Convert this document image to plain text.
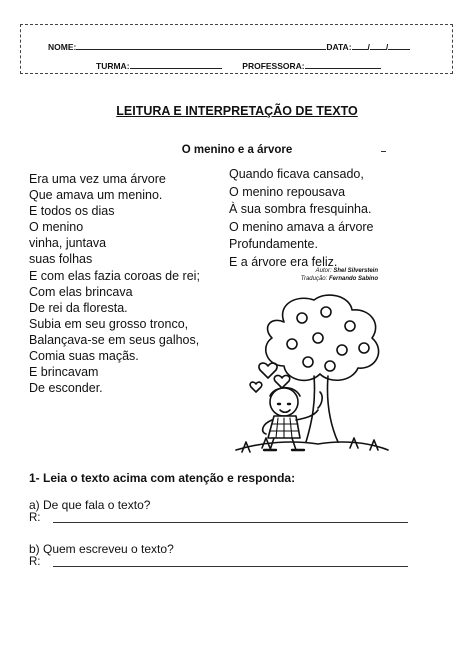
NOME:	DATA: / /
TURMA:	PROFESSORA:
LEITURA E INTERPRETAÇÃO DE TEXTO
O menino e a árvore
Era uma vez uma árvore
Que amava um menino.
E todos os dias
O menino
vinha, juntava
suas folhas
E com elas fazia coroas de rei;
Com elas brincava
De rei da floresta.
Subia em seu grosso tronco,
Balançava-se em seus galhos,
Comia suas maçãs.
E brincavam
De esconder.
Quando ficava cansado,
O menino repousava
À sua sombra fresquinha.
O menino amava a árvore
Profundamente.
E a árvore era feliz.
Autor: Shel Silverstein
Tradução: Fernando Sabino
1- Leia o texto acima com atenção e responda:
a) De que fala o texto?
R:
b) Quem escreveu o texto?
R:
